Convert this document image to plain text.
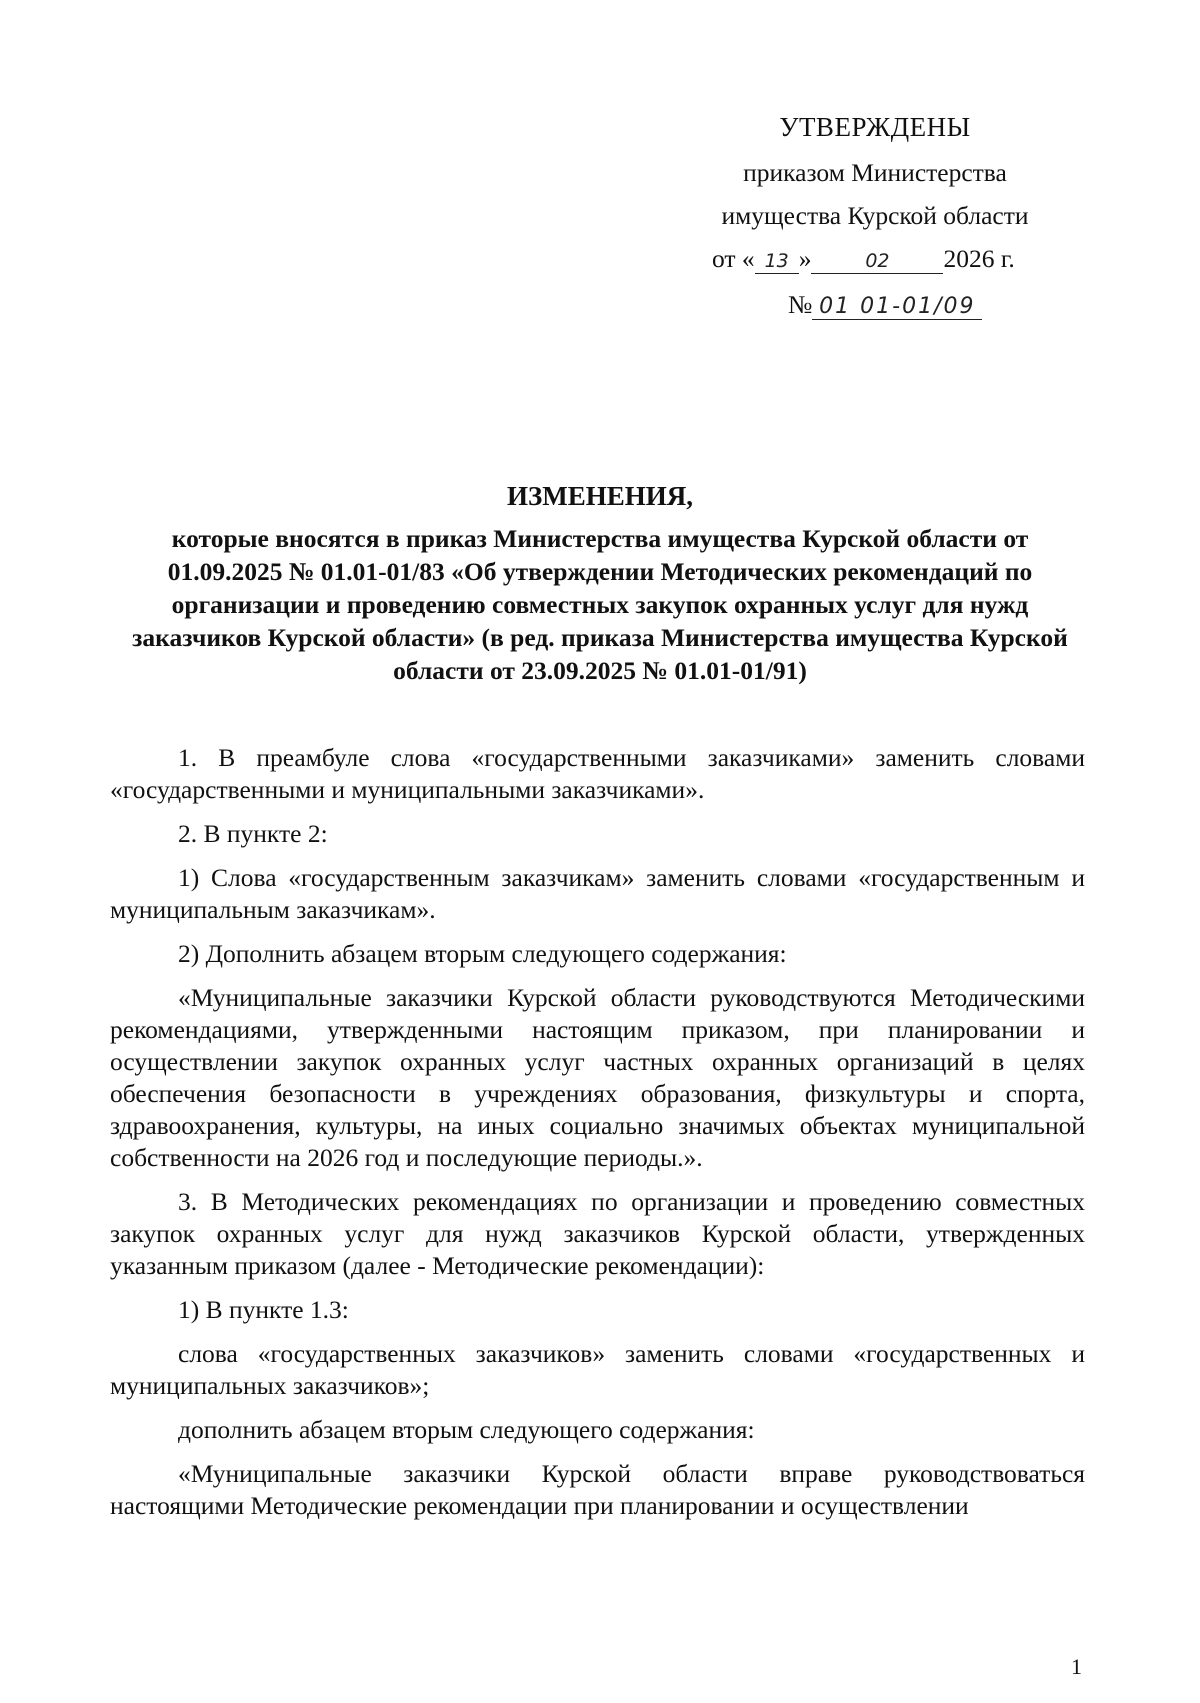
УТВЕРЖДЕНЫ
приказом Министерства
имущества Курской области
от « 13 »	02 2026 г.
№ 01 01-01/09
ИЗМЕНЕНИЯ,
которые вносятся в приказ Министерства имущества Курской области от 01.09.2025 № 01.01-01/83 «Об утверждении Методических рекомендаций по организации и проведению совместных закупок охранных услуг для нужд заказчиков Курской области» (в ред. приказа Министерства имущества Курской области от 23.09.2025 № 01.01-01/91)

1. В преамбуле слова «государственными заказчиками» заменить словами «государственными и муниципальными заказчиками».

2. В пункте 2:

1) Слова «государственным заказчикам» заменить словами «государственным и муниципальным заказчикам».

2) Дополнить абзацем вторым следующего содержания:

«Муниципальные заказчики Курской области руководствуются Методическими рекомендациями, утвержденными настоящим приказом, при планировании и осуществлении закупок охранных услуг частных охранных организаций в целях обеспечения безопасности в учреждениях образования, физкультуры и спорта, здравоохранения, культуры, на иных социально значимых объектах муниципальной собственности на 2026 год и последующие периоды.».

3. В Методических рекомендациях по организации и проведению совместных закупок охранных услуг для нужд заказчиков Курской области, утвержденных указанным приказом (далее - Методические рекомендации):

1) В пункте 1.3:

слова «государственных заказчиков» заменить словами «государственных и муниципальных заказчиков»;

дополнить абзацем вторым следующего содержания:

«Муниципальные заказчики Курской области вправе руководствоваться настоящими Методические рекомендации при планировании и осуществлении

1
